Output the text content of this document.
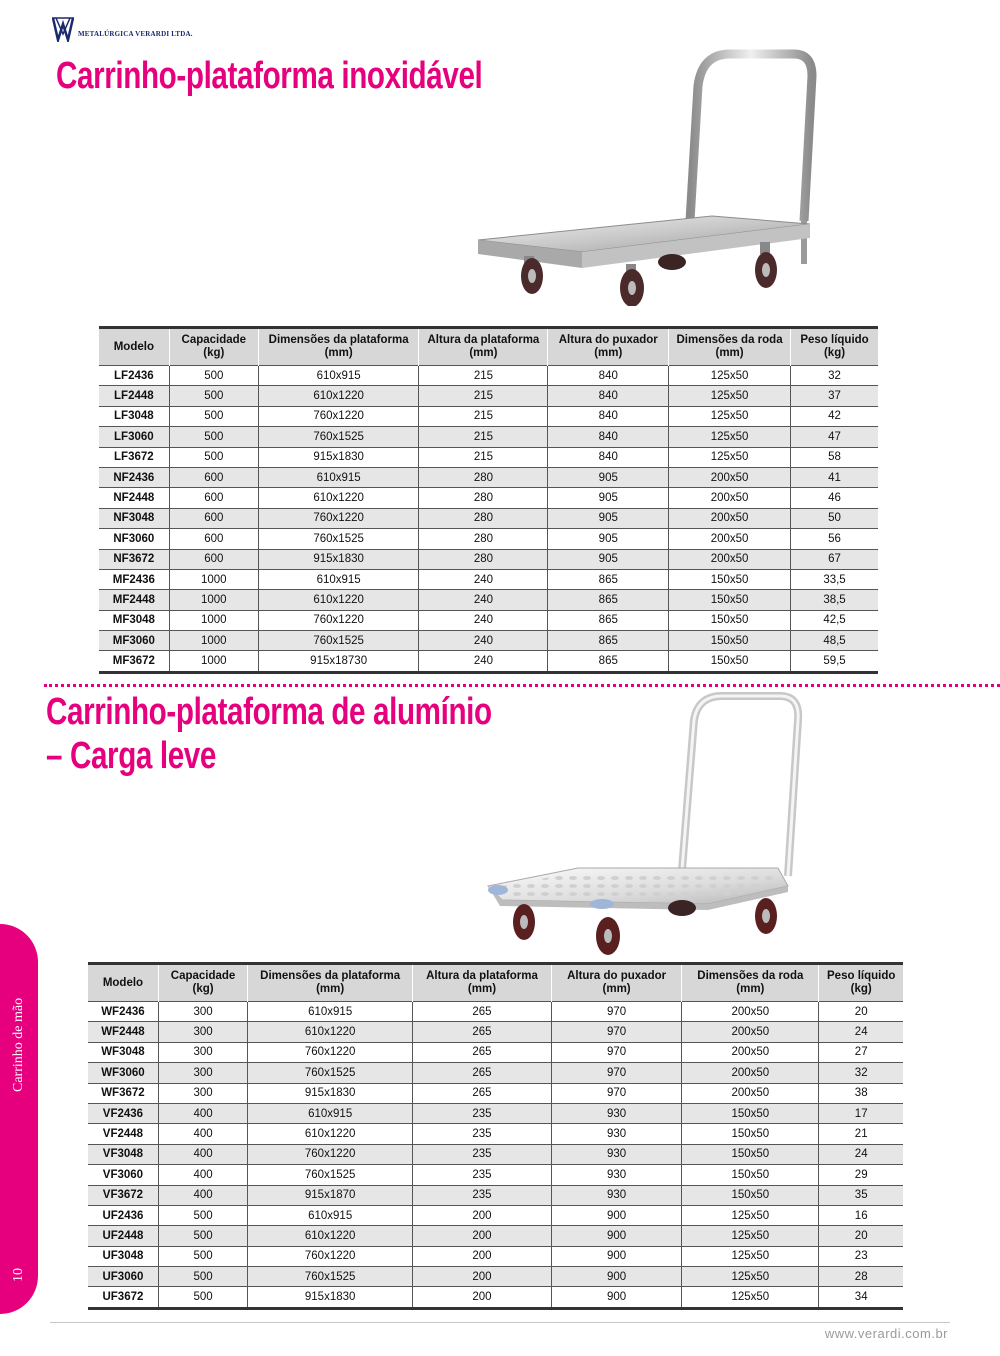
METALÚRGICA VERARDI LTDA.
Carrinho-plataforma inoxidável
Modelo	Capacidade (kg)	Dimensões da plataforma (mm)	Altura da plataforma (mm)	Altura do puxador (mm)	Dimensões da roda (mm)	Peso líquido (kg)
LF2436	500	610x915	215	840	125x50	32
LF2448	500	610x1220	215	840	125x50	37
LF3048	500	760x1220	215	840	125x50	42
LF3060	500	760x1525	215	840	125x50	47
LF3672	500	915x1830	215	840	125x50	58
NF2436	600	610x915	280	905	200x50	41
NF2448	600	610x1220	280	905	200x50	46
NF3048	600	760x1220	280	905	200x50	50
NF3060	600	760x1525	280	905	200x50	56
NF3672	600	915x1830	280	905	200x50	67
MF2436	1000	610x915	240	865	150x50	33,5
MF2448	1000	610x1220	240	865	150x50	38,5
MF3048	1000	760x1220	240	865	150x50	42,5
MF3060	1000	760x1525	240	865	150x50	48,5
MF3672	1000	915x18730	240	865	150x50	59,5
Carrinho-plataforma de alumínio
– Carga leve
Modelo	Capacidade (kg)	Dimensões da plataforma (mm)	Altura da plataforma (mm)	Altura do puxador (mm)	Dimensões da roda (mm)	Peso líquido (kg)
WF2436	300	610x915	265	970	200x50	20
WF2448	300	610x1220	265	970	200x50	24
WF3048	300	760x1220	265	970	200x50	27
WF3060	300	760x1525	265	970	200x50	32
WF3672	300	915x1830	265	970	200x50	38
VF2436	400	610x915	235	930	150x50	17
VF2448	400	610x1220	235	930	150x50	21
VF3048	400	760x1220	235	930	150x50	24
VF3060	400	760x1525	235	930	150x50	29
VF3672	400	915x1870	235	930	150x50	35
UF2436	500	610x915	200	900	125x50	16
UF2448	500	610x1220	200	900	125x50	20
UF3048	500	760x1220	200	900	125x50	23
UF3060	500	760x1525	200	900	125x50	28
UF3672	500	915x1830	200	900	125x50	34
Carrinho de mão
10
www.verardi.com.br
